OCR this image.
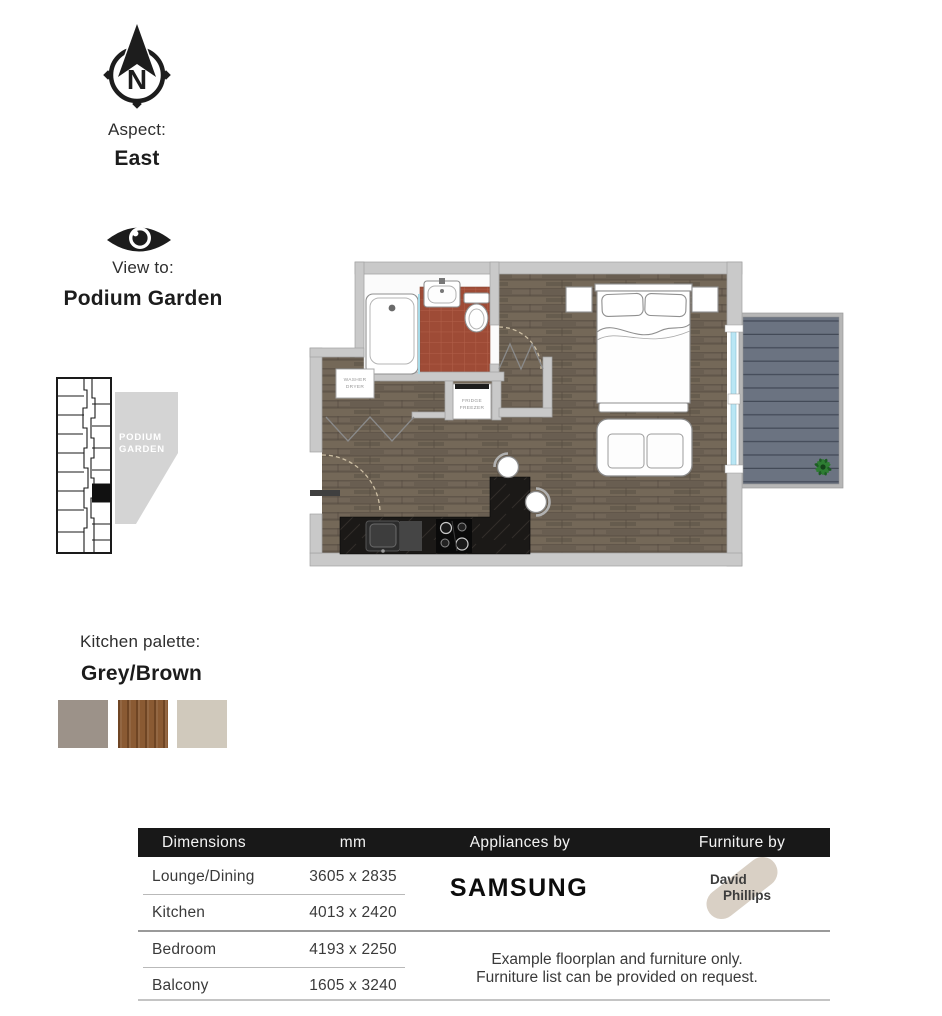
N
Aspect:
East
View to:
Podium Garden
PODIUM
GARDEN
WASHER
DRYER
FRIDGE
FREEZER
Kitchen palette:
Grey/Brown
Dimensions	mm	Appliances by	Furniture by
Lounge/Dining	3605 x 2835
Kitchen	4013 x 2420
Bedroom	4193 x 2250
Balcony	1605 x 3240
SAMSUNG	David
Phillips
Example floorplan and furniture only.
Furniture list can be provided on request.
